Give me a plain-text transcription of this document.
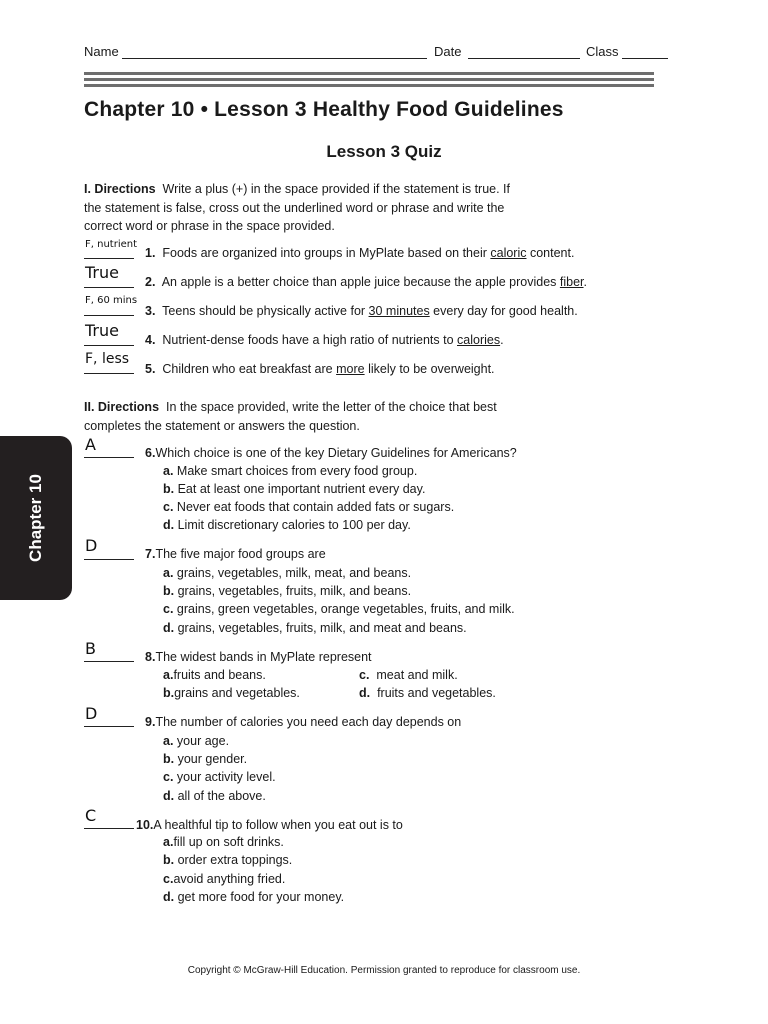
Name	Date	Class
Chapter 10 • Lesson 3 Healthy Food Guidelines
Lesson 3 Quiz
Chapter 10
I. Directions Write a plus (+) in the space provided if the statement is true. If
the statement is false, cross out the underlined word or phrase and write the
correct word or phrase in the space provided.
F, nutrient
1. Foods are organized into groups in MyPlate based on their caloric content.
True 2. An apple is a better choice than apple juice because the apple provides fiber.
F, 60 mins
3. Teens should be physically active for 30 minutes every day for good health.
True 4. Nutrient-dense foods have a high ratio of nutrients to calories.
F, less
5. Children who eat breakfast are more likely to be overweight.
II. Directions In the space provided, write the letter of the choice that best
completes the statement or answers the question.
A	6.Which choice is one of the key Dietary Guidelines for Americans?
a. Make smart choices from every food group.
b. Eat at least one important nutrient every day.
c. Never eat foods that contain added fats or sugars.
d. Limit discretionary calories to 100 per day.
D	7.The five major food groups are
a. grains, vegetables, milk, meat, and beans.
b. grains, vegetables, fruits, milk, and beans.
c. grains, green vegetables, orange vegetables, fruits, and milk.
d. grains, vegetables, fruits, milk, and meat and beans.
B	8.The widest bands in MyPlate represent
a.fruits and beans.	c. meat and milk.
b.grains and vegetables.	d. fruits and vegetables.
D	9.The number of calories you need each day depends on
a. your age.
b. your gender.
c. your activity level.
d. all of the above.
C	10.A healthful tip to follow when you eat out is to
a.fill up on soft drinks.
b. order extra toppings.
c.avoid anything fried.
d. get more food for your money.
Copyright © McGraw-Hill Education. Permission granted to reproduce for classroom use.
